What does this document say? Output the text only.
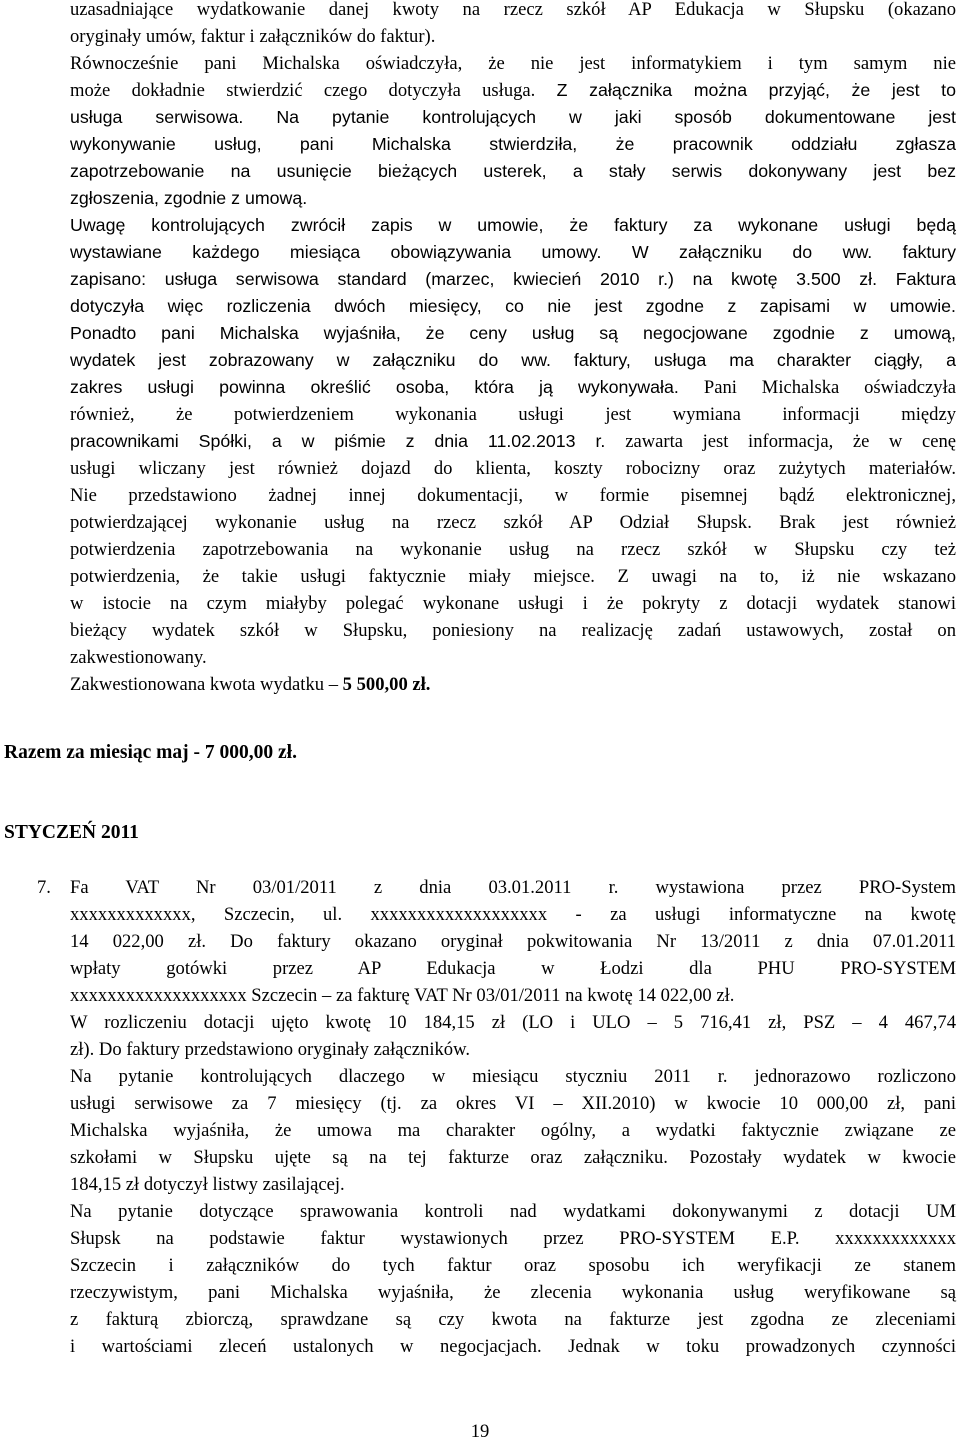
uzasadniające wydatkowanie danej kwoty na rzecz szkół AP Edukacja w Słupsku (okazano
oryginały umów, faktur i załączników do faktur).
Równocześnie pani Michalska oświadczyła, że nie jest informatykiem i tym samym nie
może dokładnie stwierdzić czego dotyczyła usługa. Z załącznika można przyjąć, że jest to
usługa serwisowa. Na pytanie kontrolujących w jaki sposób dokumentowane jest
wykonywanie usług, pani Michalska stwierdziła, że pracownik oddziału zgłasza
zapotrzebowanie na usunięcie bieżących usterek, a stały serwis dokonywany jest bez
zgłoszenia, zgodnie z umową.
Uwagę kontrolujących zwrócił zapis w umowie, że faktury za wykonane usługi będą
wystawiane każdego miesiąca obowiązywania umowy. W załączniku do ww. faktury
zapisano: usługa serwisowa standard (marzec, kwiecień 2010 r.) na kwotę 3.500 zł. Faktura
dotyczyła więc rozliczenia dwóch miesięcy, co nie jest zgodne z zapisami w umowie.
Ponadto pani Michalska wyjaśniła, że ceny usług są negocjowane zgodnie z umową,
wydatek jest zobrazowany w załączniku do ww. faktury, usługa ma charakter ciągły, a
zakres usługi powinna określić osoba, która ją wykonywała. Pani Michalska oświadczyła
również, że potwierdzeniem wykonania usługi jest wymiana informacji między
pracownikami Spółki, a w piśmie z dnia 11.02.2013 r. zawarta jest informacja, że w cenę
usługi wliczany jest również dojazd do klienta, koszty robocizny oraz zużytych materiałów.
Nie przedstawiono żadnej innej dokumentacji, w formie pisemnej bądź elektronicznej,
potwierdzającej wykonanie usług na rzecz szkół AP Odział Słupsk. Brak jest również
potwierdzenia zapotrzebowania na wykonanie usług na rzecz szkół w Słupsku czy też
potwierdzenia, że takie usługi faktycznie miały miejsce. Z uwagi na to, iż nie wskazano
w istocie na czym miałyby polegać wykonane usługi i że pokryty z dotacji wydatek stanowi
bieżący wydatek szkół w Słupsku, poniesiony na realizację zadań ustawowych, został on
zakwestionowany.
Zakwestionowana kwota wydatku – 5 500,00 zł.
Razem za miesiąc maj - 7 000,00 zł.
STYCZEŃ 2011
7. Fa VAT Nr 03/01/2011 z dnia 03.01.2011 r. wystawiona przez PRO-System
xxxxxxxxxxxxx, Szczecin, ul. xxxxxxxxxxxxxxxxxxx - za usługi informatyczne na kwotę
14 022,00 zł. Do faktury okazano oryginał pokwitowania Nr 13/2011 z dnia 07.01.2011
wpłaty gotówki przez AP Edukacja w Łodzi dla PHU PRO-SYSTEM
xxxxxxxxxxxxxxxxxxx Szczecin – za fakturę VAT Nr 03/01/2011 na kwotę 14 022,00 zł.
W rozliczeniu dotacji ujęto kwotę 10 184,15 zł (LO i ULO – 5 716,41 zł, PSZ – 4 467,74
zł). Do faktury przedstawiono oryginały załączników.
Na pytanie kontrolujących dlaczego w miesiącu styczniu 2011 r. jednorazowo rozliczono
usługi serwisowe za 7 miesięcy (tj. za okres VI – XII.2010) w kwocie 10 000,00 zł, pani
Michalska wyjaśniła, że umowa ma charakter ogólny, a wydatki faktycznie związane ze
szkołami w Słupsku ujęte są na tej fakturze oraz załączniku. Pozostały wydatek w kwocie
184,15 zł dotyczył listwy zasilającej.
Na pytanie dotyczące sprawowania kontroli nad wydatkami dokonywanymi z dotacji UM
Słupsk na podstawie faktur wystawionych przez PRO-SYSTEM E.P. xxxxxxxxxxxxx
Szczecin i załączników do tych faktur oraz sposobu ich weryfikacji ze stanem
rzeczywistym, pani Michalska wyjaśniła, że zlecenia wykonania usług weryfikowane są
z fakturą zbiorczą, sprawdzane są czy kwota na fakturze jest zgodna ze zleceniami
i wartościami zleceń ustalonych w negocjacjach. Jednak w toku prowadzonych czynności
19
